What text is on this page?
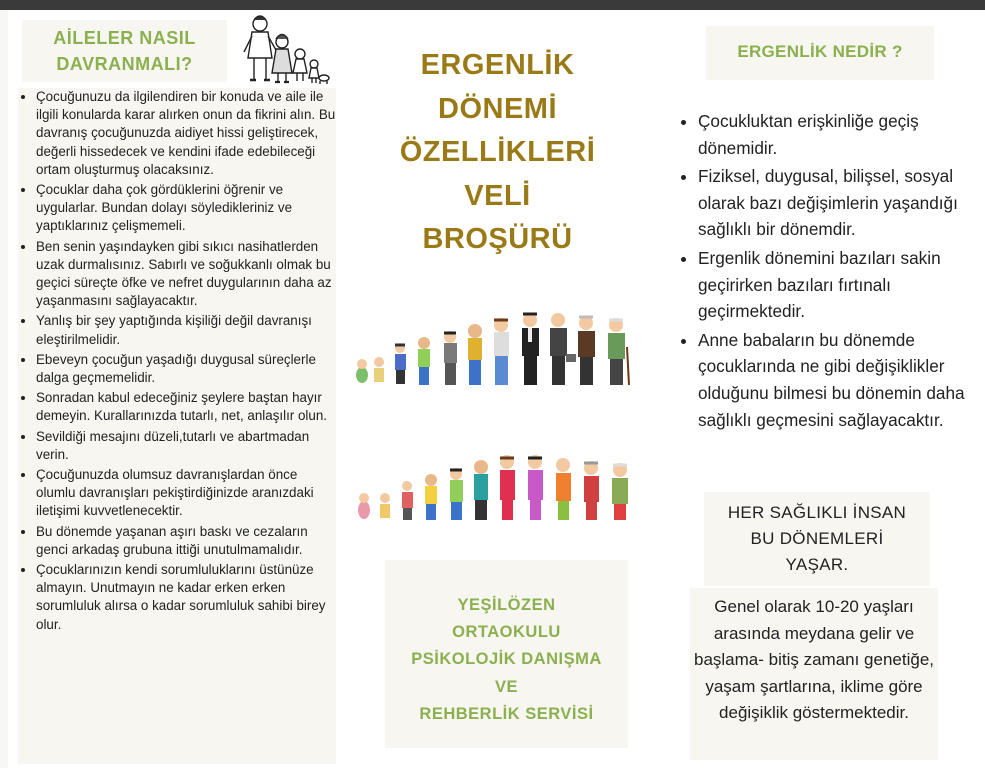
AİLELER NASIL
DAVRANMALI?
• Çocuğunuzu da ilgilendiren bir konuda ve aile ile ilgili konularda karar alırken onun da fikrini alın. Bu davranış çocuğunuzda aidiyet hissi geliştirecek, değerli hissedecek ve kendini ifade edebileceği ortam oluşturmuş olacaksınız.
• Çocuklar daha çok gördüklerini öğrenir ve uygularlar. Bundan dolayı söyledikleriniz ve yaptıklarınız çelişmemeli.
• Ben senin yaşındayken gibi sıkıcı nasihatlerden uzak durmalısınız. Sabırlı ve soğukkanlı olmak bu geçici süreçte öfke ve nefret duygularının daha az yaşanmasını sağlayacaktır.
• Yanlış bir şey yaptığında kişiliği değil davranışı eleştirilmelidir.
• Ebeveyn çocuğun yaşadığı duygusal süreçlerle dalga geçmemelidir.
• Sonradan kabul edeceğiniz şeylere baştan hayır demeyin. Kurallarınızda tutarlı, net, anlaşılır olun.
• Sevildiği mesajını düzeli,tutarlı ve abartmadan verin.
• Çocuğunuzda olumsuz davranışlardan önce olumlu davranışları pekiştirdiğinizde aranızdaki iletişimi kuvvetlenecektir.
• Bu dönemde yaşanan aşırı baskı ve cezaların genci arkadaş grubuna ittiği unutulmamalıdır.
• Çocuklarınızın kendi sorumluluklarını üstünüze almayın. Unutmayın ne kadar erken erken sorumluluk alırsa o kadar sorumluluk sahibi birey olur.
ERGENLİK
DÖNEMİ
ÖZELLİKLERİ
VELİ
BROŞÜRÜ
YEŞİLÖZEN
ORTAOKULU
PSİKOLOJİK DANIŞMA
VE
REHBERLİK SERVİSİ
ERGENLİK NEDİR ?
• Çocukluktan erişkinliğe geçiş dönemidir.
• Fiziksel, duygusal, bilişsel, sosyal olarak bazı değişimlerin yaşandığı sağlıklı bir dönemdir.
• Ergenlik dönemini bazıları sakin geçirirken bazıları fırtınalı geçirmektedir.
• Anne babaların bu dönemde çocuklarında ne gibi değişiklikler olduğunu bilmesi bu dönemin daha sağlıklı geçmesini sağlayacaktır.
HER SAĞLIKLI İNSAN
BU DÖNEMLERİ
YAŞAR.
Genel olarak 10-20 yaşları arasında meydana gelir ve başlama- bitiş zamanı genetiğe, yaşam şartlarına, iklime göre değişiklik göstermektedir.
